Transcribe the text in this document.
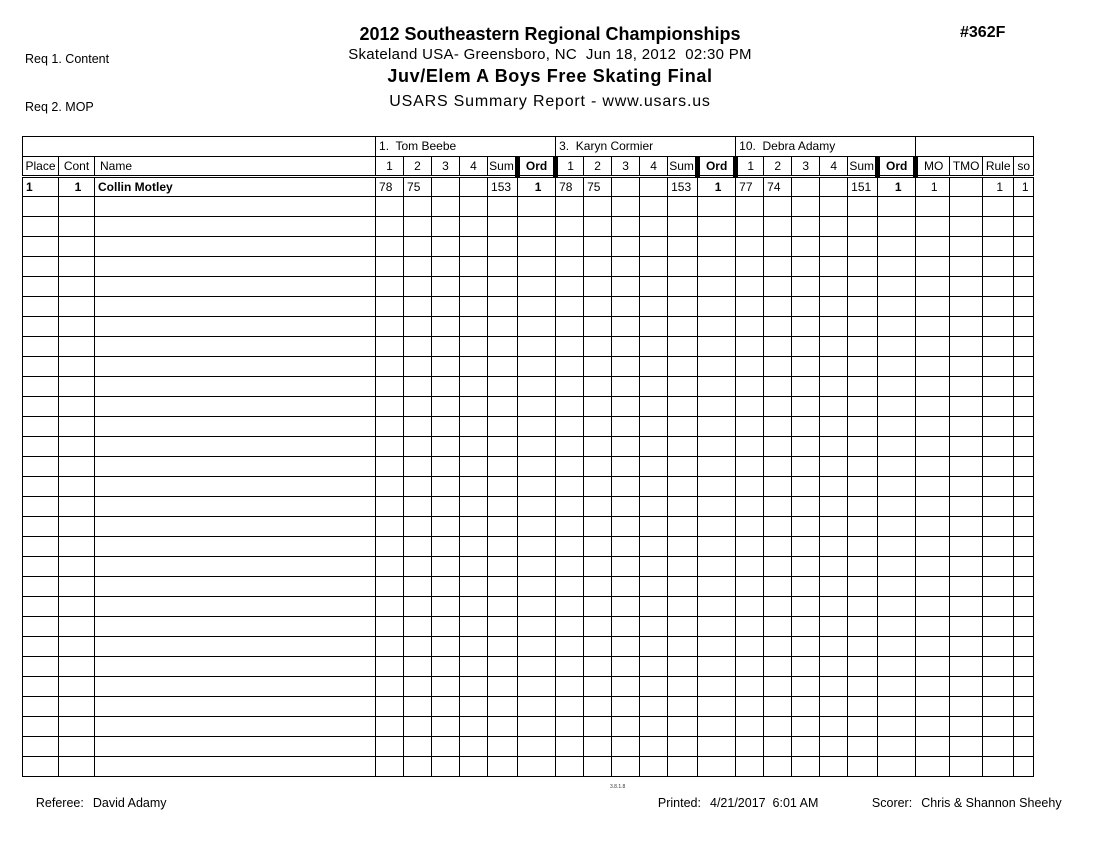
Req 1. Content

Req 2. MOP

2012 Southeastern Regional Championships
Skateland USA- Greensboro, NC  Jun 18, 2012  02:30 PM
Juv/Elem A Boys Free Skating Final
USARS Summary Report - www.usars.us
#362F
			1.  Tom Beebe						3.  Karyn Cormier						10.  Debra Adamy									
Place	Cont	Name	1	2	3	4	Sum	Ord	1	2	3	4	Sum	Ord	1	2	3	4	Sum	Ord	MO	TMO	Rule	so
1	1	Collin Motley	78	75			153	1	78	75			153	1	77	74			151	1	1		1	1

Referee: David Adamy

3.8.1.8

Printed: 4/21/2017  6:01 AM
	Scorer: Chris & Shannon Sheehy
